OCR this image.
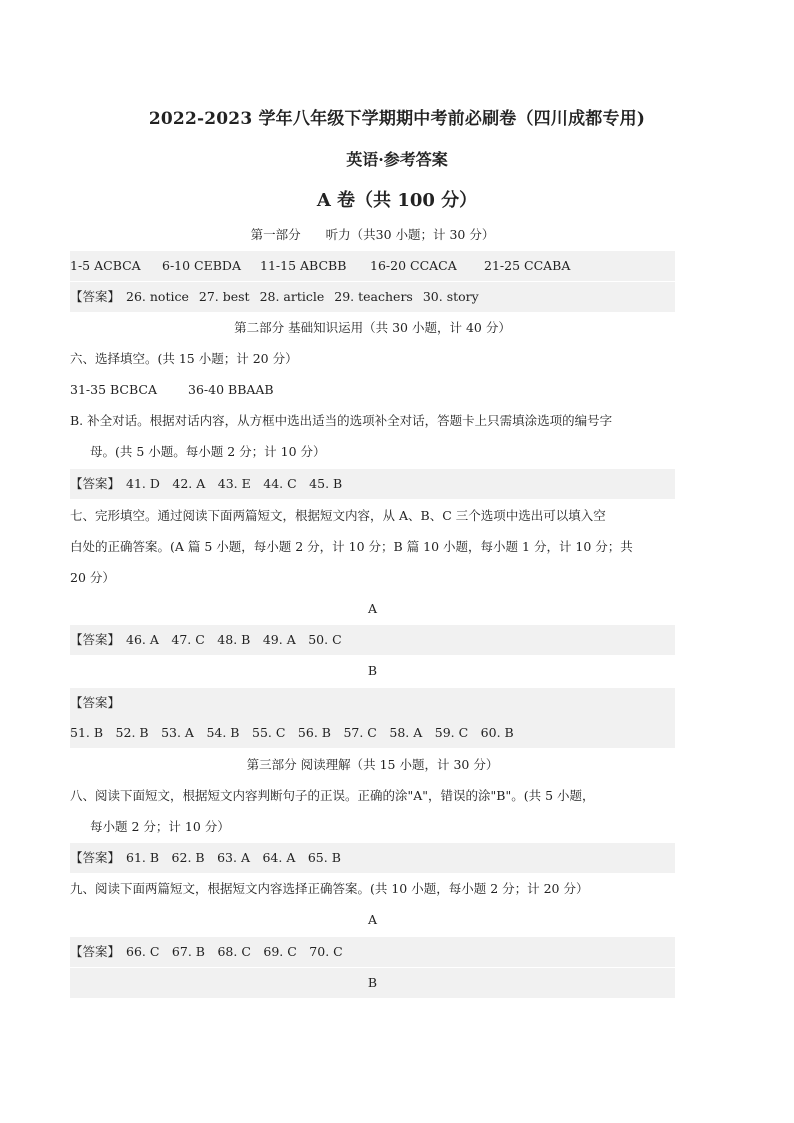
2022-2023 学年八年级下学期期中考前必刷卷（四川成都专用)
英语·参考答案
A 卷（共 100 分）
第一部分　　听力（共30 小题；计 30 分）
1-5 ACBCA 6-10 CEBDA 11-15 ABCBB 16-20 CCACA 21-25 CCABA
【答案】 26. notice 27. best 28. article 29. teachers 30. story
第二部分 基础知识运用（共 30 小题，计 40 分）
六、选择填空。(共 15 小题；计 20 分）
31-35 BCBCA 36-40 BBAAB
B. 补全对话。根据对话内容，从方框中选出适当的选项补全对话，答题卡上只需填涂选项的编号字
母。(共 5 小题。每小题 2 分；计 10 分）
【答案】 41. D　42. A　43. E　44. C　45. B
七、完形填空。通过阅读下面两篇短文，根据短文内容，从 A、B、C 三个选项中选出可以填入空
白处的正确答案。(A 篇 5 小题，每小题 2 分，计 10 分；B 篇 10 小题，每小题 1 分，计 10 分；共
20 分）
A
【答案】 46. A　47. C　48. B　49. A　50. C
B
【答案】
51. B　52. B　53. A　54. B　55. C　56. B　57. C　58. A　59. C　60. B
第三部分 阅读理解（共 15 小题，计 30 分）
八、阅读下面短文，根据短文内容判断句子的正误。正确的涂"A"，错误的涂"B"。(共 5 小题，
每小题 2 分；计 10 分）
【答案】 61. B　62. B　63. A　64. A　65. B
九、阅读下面两篇短文，根据短文内容选择正确答案。(共 10 小题，每小题 2 分；计 20 分）
A
【答案】 66. C　67. B　68. C　69. C　70. C
B
